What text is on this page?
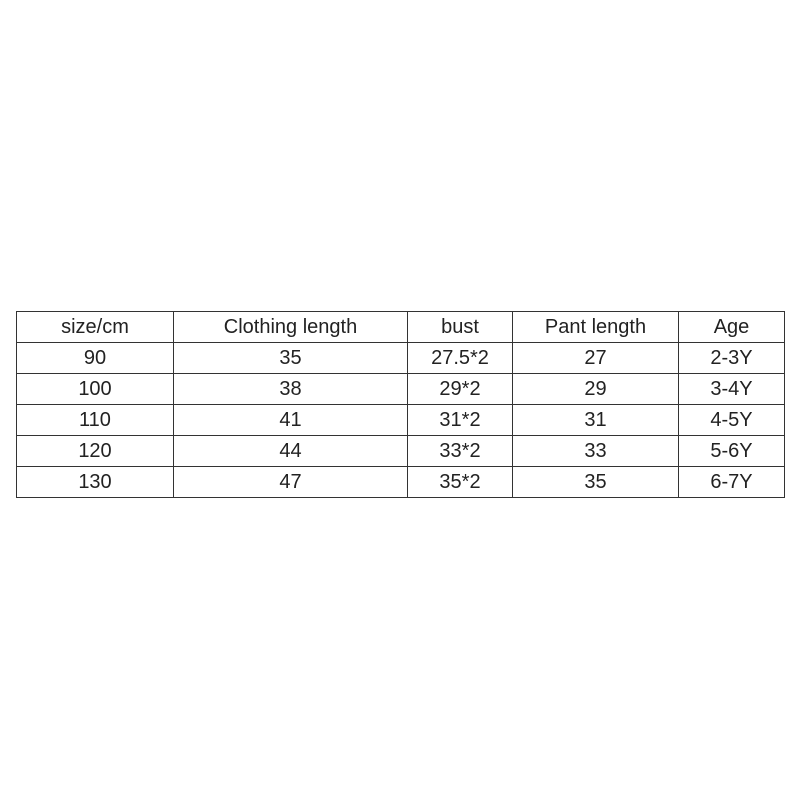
size/cm	Clothing length	bust	Pant length	Age
90	35	27.5*2	27	2-3Y
100	38	29*2	29	3-4Y
110	41	31*2	31	4-5Y
120	44	33*2	33	5-6Y
130	47	35*2	35	6-7Y
